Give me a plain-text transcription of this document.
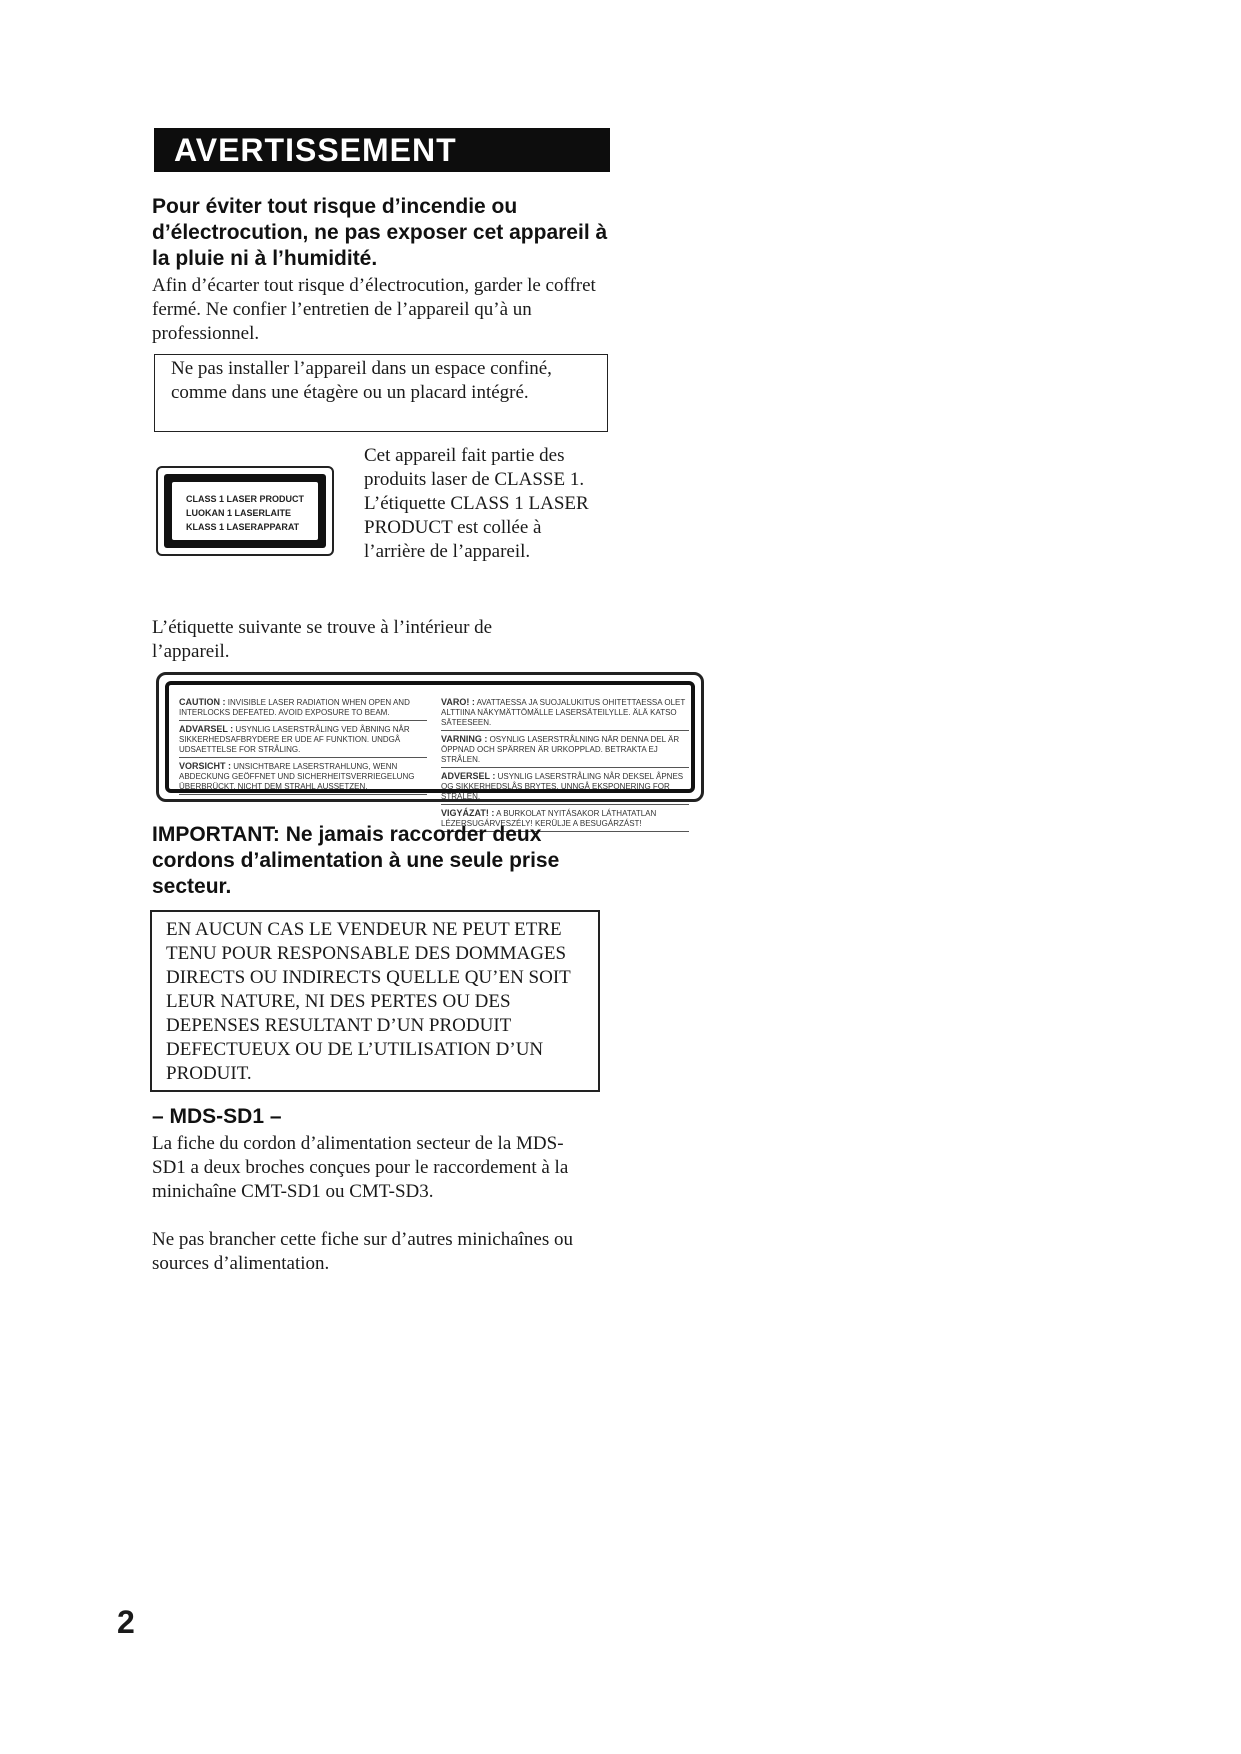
AVERTISSEMENT
Pour éviter tout risque d’incendie ou d’électrocution, ne pas exposer cet appareil à la pluie ni à l’humidité.
Afin d’écarter tout risque d’électrocution, garder le coffret fermé. Ne confier l’entretien de l’appareil qu’à un professionnel.
Ne pas installer l’appareil dans un espace confiné, comme dans une étagère ou un placard intégré.
CLASS 1 LASER PRODUCT
LUOKAN 1 LASERLAITE
KLASS 1 LASERAPPARAT
Cet appareil fait partie des produits laser de CLASSE 1. L’étiquette CLASS 1 LASER PRODUCT est collée à l’arrière de l’appareil.
L’étiquette suivante se trouve à l’intérieur de l’appareil.
CAUTION : INVISIBLE LASER RADIATION WHEN OPEN AND INTERLOCKS DEFEATED. AVOID EXPOSURE TO BEAM.
ADVARSEL : USYNLIG LASERSTRÅLING VED ÅBNING NÅR SIKKERHEDSAFBRYDERE ER UDE AF FUNKTION. UNDGÅ UDSAETTELSE FOR STRÅLING.
VORSICHT : UNSICHTBARE LASERSTRAHLUNG, WENN ABDECKUNG GEÖFFNET UND SICHERHEITSVERRIEGELUNG ÜBERBRÜCKT. NICHT DEM STRAHL AUSSETZEN.
VARO! : AVATTAESSA JA SUOJALUKITUS OHITETTAESSA OLET ALTTIINA NÄKYMÄTTÖMÄLLE LASERSÄTEILYLLE. ÄLÄ KATSO SÄTEESEEN.
VARNING : OSYNLIG LASERSTRÅLNING NÄR DENNA DEL ÄR ÖPPNAD OCH SPÄRREN ÄR URKOPPLAD. BETRAKTA EJ STRÅLEN.
ADVERSEL : USYNLIG LASERSTRÅLING NÅR DEKSEL ÅPNES OG SIKKERHEDSLÅS BRYTES. UNNGÅ EKSPONERING FOR STRÅLEN.
VIGYÁZAT! : A BURKOLAT NYITÁSAKOR LÁTHATATLAN LÉZERSUGÁRVESZÉLY! KERÜLJE A BESUGÁRZÁST!
IMPORTANT: Ne jamais raccorder deux cordons d’alimentation à une seule prise secteur.
EN AUCUN CAS LE VENDEUR NE PEUT ETRE TENU POUR RESPONSABLE DES DOMMAGES DIRECTS OU INDIRECTS QUELLE QU’EN SOIT LEUR NATURE, NI DES PERTES OU DES DEPENSES RESULTANT D’UN PRODUIT DEFECTUEUX OU DE L’UTILISATION D’UN PRODUIT.
– MDS-SD1 –
La fiche du cordon d’alimentation secteur de la MDS-SD1 a deux broches conçues pour le raccordement à la minichaîne CMT-SD1 ou CMT-SD3.
Ne pas brancher cette fiche sur d’autres minichaînes ou sources d’alimentation.
2
